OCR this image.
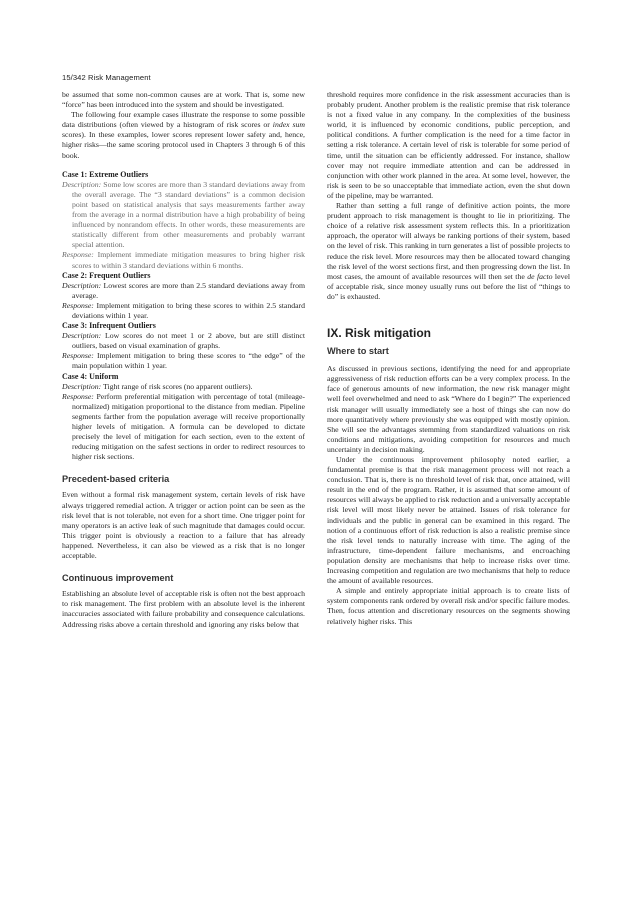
15/342 Risk Management

be assumed that some non-common causes are at work. That is, some new “force” has been introduced into the system and should be investigated.

The following four example cases illustrate the response to some possible data distributions (often viewed by a histogram of risk scores or index sum scores). In these examples, lower scores represent lower safety and, hence, higher risks—the same scoring protocol used in Chapters 3 through 6 of this book.

Case 1: Extreme Outliers

Description: Some low scores are more than 3 standard deviations away from the overall average. The “3 standard deviations” is a common decision point based on statistical analysis that says measurements farther away from the average in a normal distribution have a high probability of being influenced by nonrandom effects. In other words, these measurements are statistically different from other measurements and probably warrant special attention.

Response: Implement immediate mitigation measures to bring higher risk scores to within 3 standard deviations within 6 months.

Case 2: Frequent Outliers

Description: Lowest scores are more than 2.5 standard deviations away from average.

Response: Implement mitigation to bring these scores to within 2.5 standard deviations within 1 year.

Case 3: Infrequent Outliers

Description: Low scores do not meet 1 or 2 above, but are still distinct outliers, based on visual examination of graphs.

Response: Implement mitigation to bring these scores to “the edge” of the main population within 1 year.

Case 4: Uniform

Description: Tight range of risk scores (no apparent outliers).

Response: Perform preferential mitigation with percentage of total (mileage-normalized) mitigation proportional to the distance from median. Pipeline segments farther from the population average will receive proportionally higher levels of mitigation. A formula can be developed to dictate precisely the level of mitigation for each section, even to the extent of reducing mitigation on the safest sections in order to redirect resources to higher risk sections.

Precedent-based criteria

Even without a formal risk management system, certain levels of risk have always triggered remedial action. A trigger or action point can be seen as the risk level that is not tolerable, not even for a short time. One trigger point for many operators is an active leak of such magnitude that damages could occur. This trigger point is obviously a reaction to a failure that has already happened. Nevertheless, it can also be viewed as a risk that is no longer acceptable.

Continuous improvement

Establishing an absolute level of acceptable risk is often not the best approach to risk management. The first problem with an absolute level is the inherent inaccuracies associated with failure probability and consequence calculations. Addressing risks above a certain threshold and ignoring any risks below that

threshold requires more confidence in the risk assessment accuracies than is probably prudent. Another problem is the realistic premise that risk tolerance is not a fixed value in any company. In the complexities of the business world, it is influenced by economic conditions, public perception, and political conditions. A further complication is the need for a time factor in setting a risk tolerance. A certain level of risk is tolerable for some period of time, until the situation can be efficiently addressed. For instance, shallow cover may not require immediate attention and can be addressed in conjunction with other work planned in the area. At some level, however, the risk is seen to be so unacceptable that immediate action, even the shut down of the pipeline, may be warranted.

Rather than setting a full range of definitive action points, the more prudent approach to risk management is thought to lie in prioritizing. The choice of a relative risk assessment system reflects this. In a prioritization approach, the operator will always be ranking portions of their system, based on the level of risk. This ranking in turn generates a list of possible projects to reduce the risk level. More resources may then be allocated toward changing the risk level of the worst sections first, and then progressing down the list. In most cases, the amount of available resources will then set the de facto level of acceptable risk, since money usually runs out before the list of “things to do” is exhausted.

IX. Risk mitigation
Where to start

As discussed in previous sections, identifying the need for and appropriate aggressiveness of risk reduction efforts can be a very complex process. In the face of generous amounts of new information, the new risk manager might well feel overwhelmed and need to ask “Where do I begin?” The experienced risk manager will usually immediately see a host of things she can now do more quantitatively where previously she was equipped with mostly opinion. She will see the advantages stemming from standardized valuations on risk conditions and mitigations, avoiding competition for resources and much uncertainty in decision making.

Under the continuous improvement philosophy noted earlier, a fundamental premise is that the risk management process will not reach a conclusion. That is, there is no threshold level of risk that, once attained, will result in the end of the program. Rather, it is assumed that some amount of resources will always be applied to risk reduction and a universally acceptable risk level will most likely never be attained. Issues of risk tolerance for individuals and the public in general can be examined in this regard. The notion of a continuous effort of risk reduction is also a realistic premise since the risk level tends to naturally increase with time. The aging of the infrastructure, time-dependent failure mechanisms, and encroaching population density are mechanisms that help to increase risks over time. Increasing competition and regulation are two mechanisms that help to reduce the amount of available resources.

A simple and entirely appropriate initial approach is to create lists of system components rank ordered by overall risk and/or specific failure modes. Then, focus attention and discretionary resources on the segments showing relatively higher risks. This
